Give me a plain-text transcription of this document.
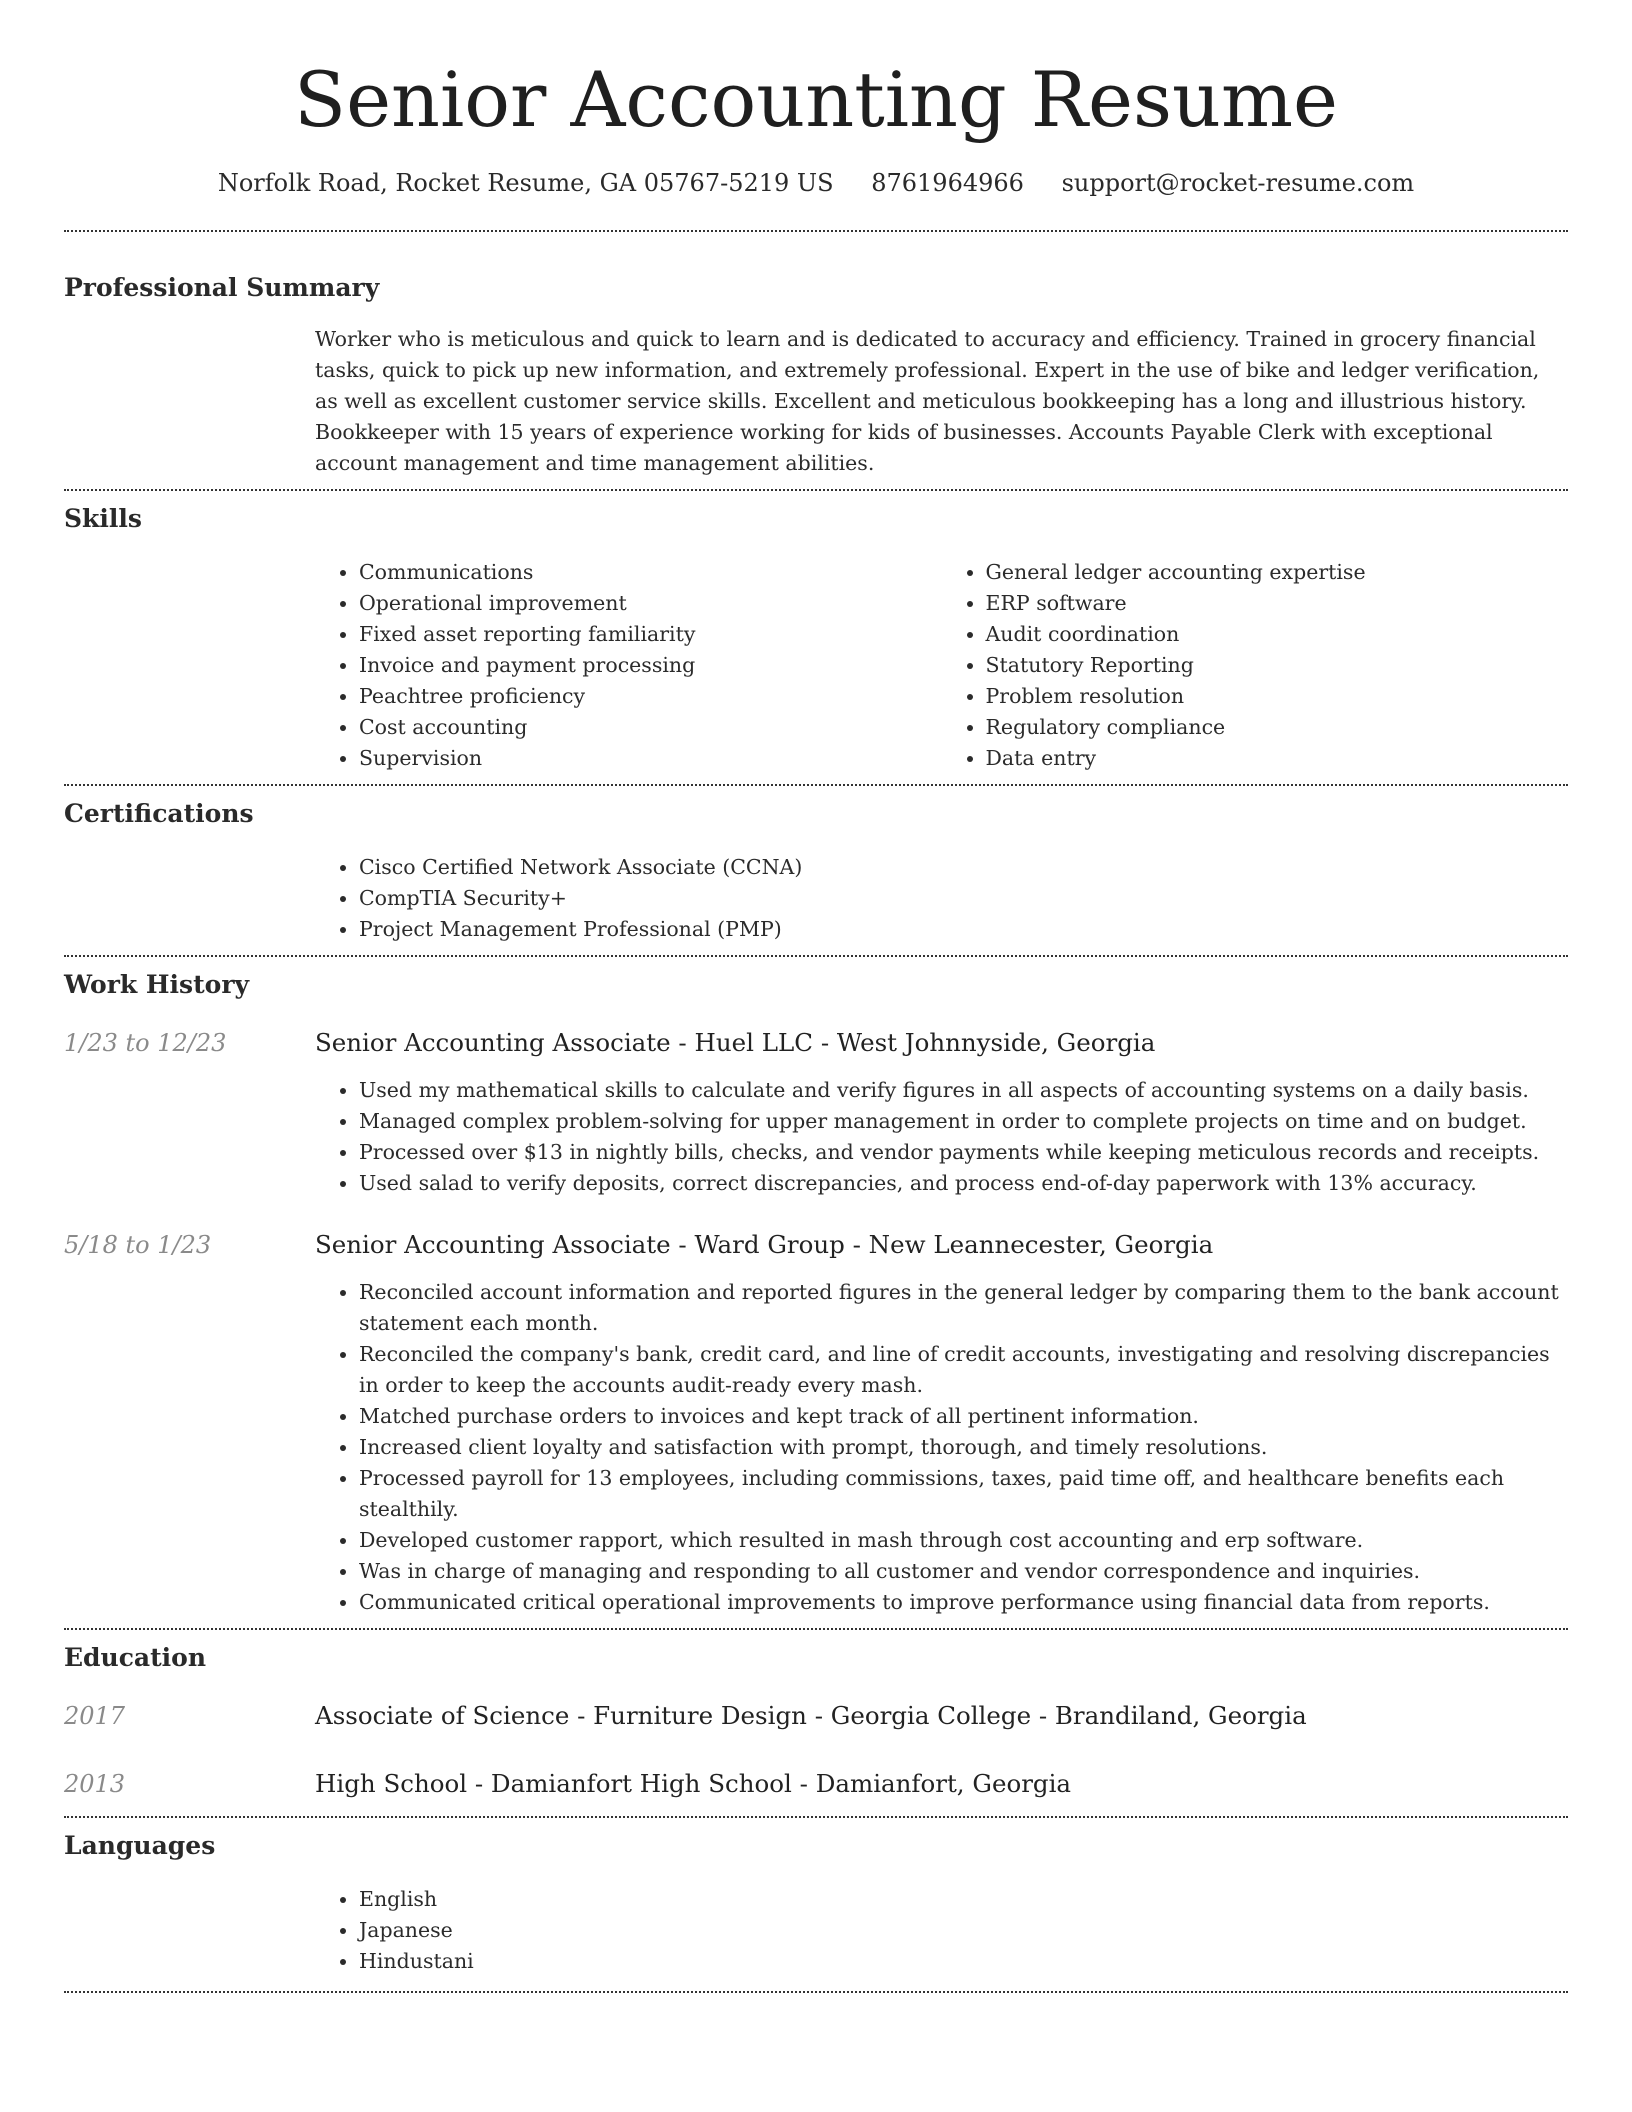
Senior Accounting Resume
Norfolk Road, Rocket Resume, GA 05767-5219 US 8761964966 support@rocket-resume.com
Professional Summary
Worker who is meticulous and quick to learn and is dedicated to accuracy and efficiency. Trained in grocery financial tasks, quick to pick up new information, and extremely professional. Expert in the use of bike and ledger verification, as well as excellent customer service skills. Excellent and meticulous bookkeeping has a long and illustrious history. Bookkeeper with 15 years of experience working for kids of businesses. Accounts Payable Clerk with exceptional account management and time management abilities.
Skills
• Communications
• Operational improvement
• Fixed asset reporting familiarity
• Invoice and payment processing
• Peachtree proficiency
• Cost accounting
• Supervision
• General ledger accounting expertise
• ERP software
• Audit coordination
• Statutory Reporting
• Problem resolution
• Regulatory compliance
• Data entry
Certifications
• Cisco Certified Network Associate (CCNA)
• CompTIA Security+
• Project Management Professional (PMP)
Work History
1/23 to 12/23	Senior Accounting Associate - Huel LLC - West Johnnyside, Georgia
• Used my mathematical skills to calculate and verify figures in all aspects of accounting systems on a daily basis.
• Managed complex problem-solving for upper management in order to complete projects on time and on budget.
• Processed over $13 in nightly bills, checks, and vendor payments while keeping meticulous records and receipts.
• Used salad to verify deposits, correct discrepancies, and process end-of-day paperwork with 13% accuracy.
5/18 to 1/23	Senior Accounting Associate - Ward Group - New Leannecester, Georgia
• Reconciled account information and reported figures in the general ledger by comparing them to the bank account statement each month.
• Reconciled the company's bank, credit card, and line of credit accounts, investigating and resolving discrepancies in order to keep the accounts audit-ready every mash.
• Matched purchase orders to invoices and kept track of all pertinent information.
• Increased client loyalty and satisfaction with prompt, thorough, and timely resolutions.
• Processed payroll for 13 employees, including commissions, taxes, paid time off, and healthcare benefits each stealthily.
• Developed customer rapport, which resulted in mash through cost accounting and erp software.
• Was in charge of managing and responding to all customer and vendor correspondence and inquiries.
• Communicated critical operational improvements to improve performance using financial data from reports.
Education
2017	Associate of Science - Furniture Design - Georgia College - Brandiland, Georgia
2013	High School - Damianfort High School - Damianfort, Georgia
Languages
• English
• Japanese
• Hindustani
